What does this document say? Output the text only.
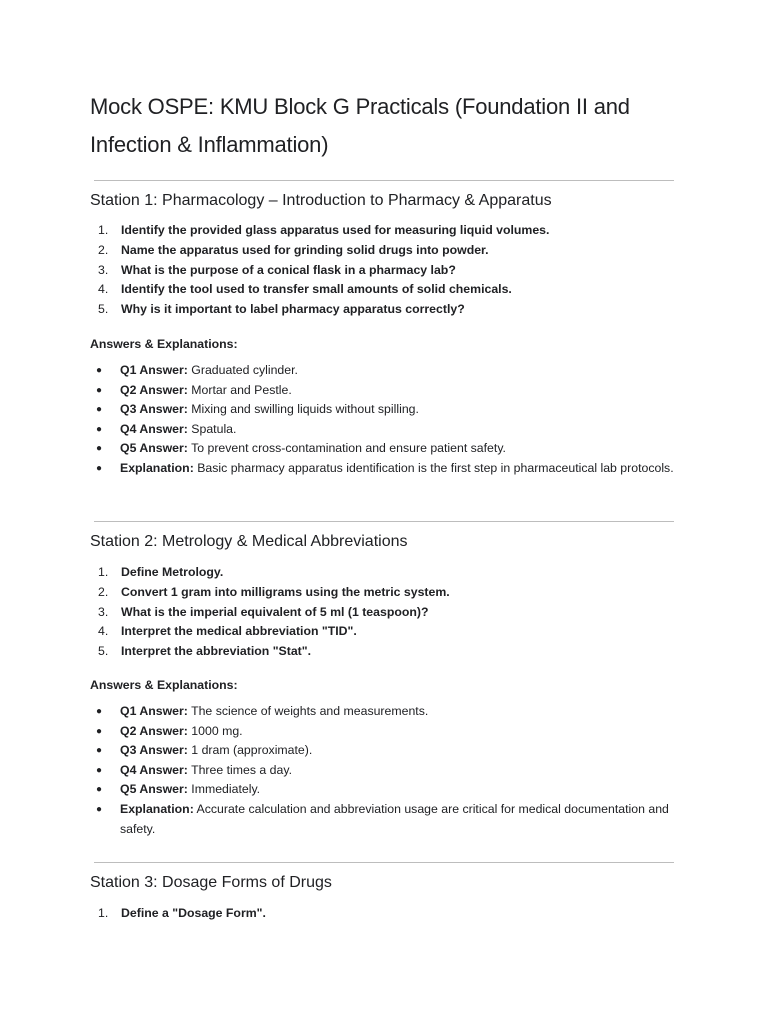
Mock OSPE: KMU Block G Practicals (Foundation II and Infection & Inflammation)
Station 1: Pharmacology – Introduction to Pharmacy & Apparatus
1. Identify the provided glass apparatus used for measuring liquid volumes.
2. Name the apparatus used for grinding solid drugs into powder.
3. What is the purpose of a conical flask in a pharmacy lab?
4. Identify the tool used to transfer small amounts of solid chemicals.
5. Why is it important to label pharmacy apparatus correctly?

Answers & Explanations:

● Q1 Answer: Graduated cylinder.
● Q2 Answer: Mortar and Pestle.
● Q3 Answer: Mixing and swilling liquids without spilling.
● Q4 Answer: Spatula.
● Q5 Answer: To prevent cross-contamination and ensure patient safety.
● Explanation: Basic pharmacy apparatus identification is the first step in pharmaceutical lab protocols.
Station 2: Metrology & Medical Abbreviations
1. Define Metrology.
2. Convert 1 gram into milligrams using the metric system.
3. What is the imperial equivalent of 5 ml (1 teaspoon)?
4. Interpret the medical abbreviation "TID".
5. Interpret the abbreviation "Stat".

Answers & Explanations:

● Q1 Answer: The science of weights and measurements.
● Q2 Answer: 1000 mg.
● Q3 Answer: 1 dram (approximate).
● Q4 Answer: Three times a day.
● Q5 Answer: Immediately.
● Explanation: Accurate calculation and abbreviation usage are critical for medical documentation and safety.
Station 3: Dosage Forms of Drugs
1. Define a "Dosage Form".
